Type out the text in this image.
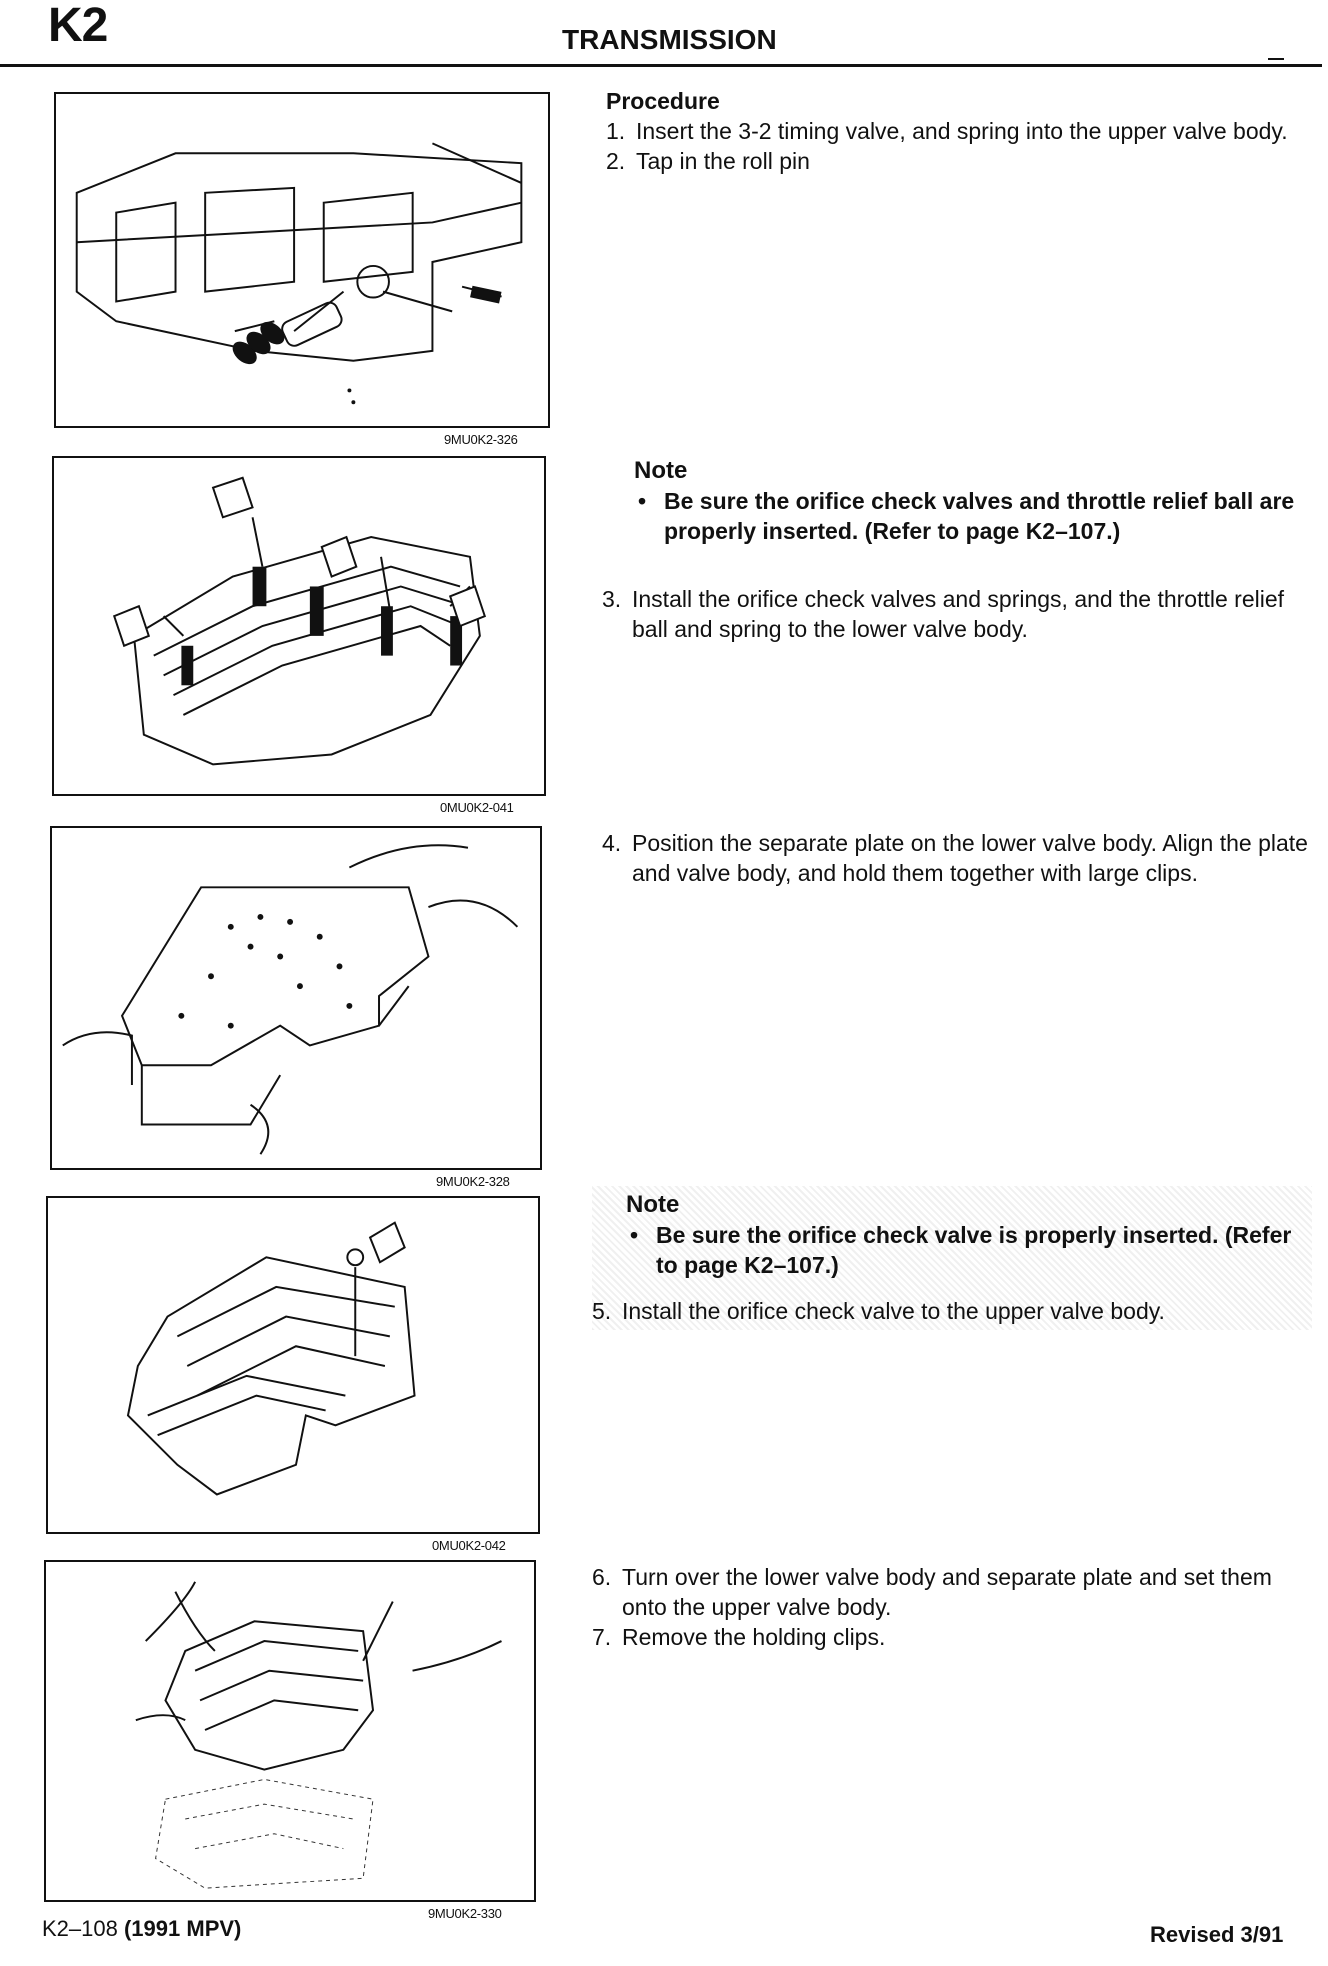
K2	TRANSMISSION
9MU0K2-326
0MU0K2-041
9MU0K2-328
0MU0K2-042
9MU0K2-330
Procedure
1. Insert the 3-2 timing valve, and spring into the upper valve body.
2. Tap in the roll pin
Note
• Be sure the orifice check valves and throttle relief ball are properly inserted. (Refer to page K2–107.)
3. Install the orifice check valves and springs, and the throttle relief ball and spring to the lower valve body.
4. Position the separate plate on the lower valve body. Align the plate and valve body, and hold them together with large clips.
Note
• Be sure the orifice check valve is properly inserted. (Refer to page K2–107.)
5. Install the orifice check valve to the upper valve body.
6. Turn over the lower valve body and separate plate and set them onto the upper valve body.
7. Remove the holding clips.
K2–108 (1991 MPV)	Revised 3/91
